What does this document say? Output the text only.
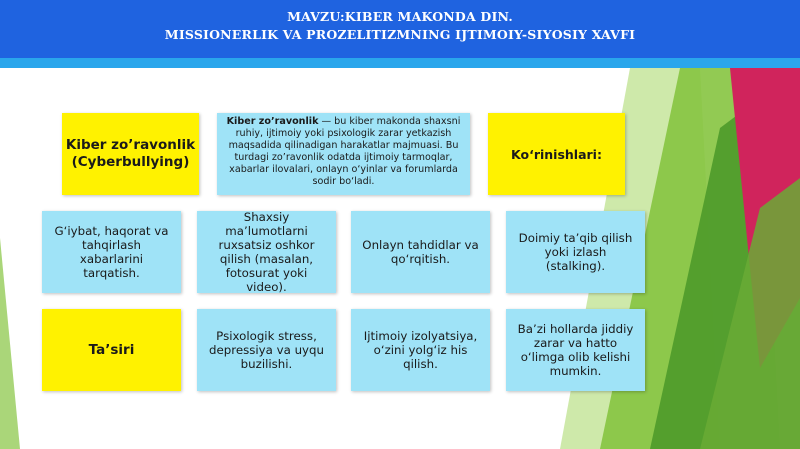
MAVZU:KIBER MAKONDA DIN.
MISSIONERLIK VA PROZELITIZMNING IJTIMOIY-SIYOSIY XAVFI
Kiber zo’ravonlik
(Cyberbullying)
Kiber zo’ravonlik — bu kiber makonda shaxsni ruhiy, ijtimoiy yoki psixologik zarar yetkazish maqsadida qilinadigan harakatlar majmuasi. Bu turdagi zo’ravonlik odatda ijtimoiy tarmoqlar, xabarlar ilovalari, onlayn o‘yinlar va forumlarda sodir bo‘ladi.
Ko‘rinishlari:
G‘iybat, haqorat va tahqirlash xabarlarini tarqatish.
Shaxsiy ma’lumotlarni ruxsatsiz oshkor qilish (masalan, fotosurat yoki video).
Onlayn tahdidlar va qo‘rqitish.
Doimiy ta’qib qilish yoki izlash (stalking).
Ta’siri
Psixologik stress, depressiya va uyqu buzilishi.
Ijtimoiy izolyatsiya, o‘zini yolg‘iz his qilish.
Ba’zi hollarda jiddiy zarar va hatto o‘limga olib kelishi mumkin.
